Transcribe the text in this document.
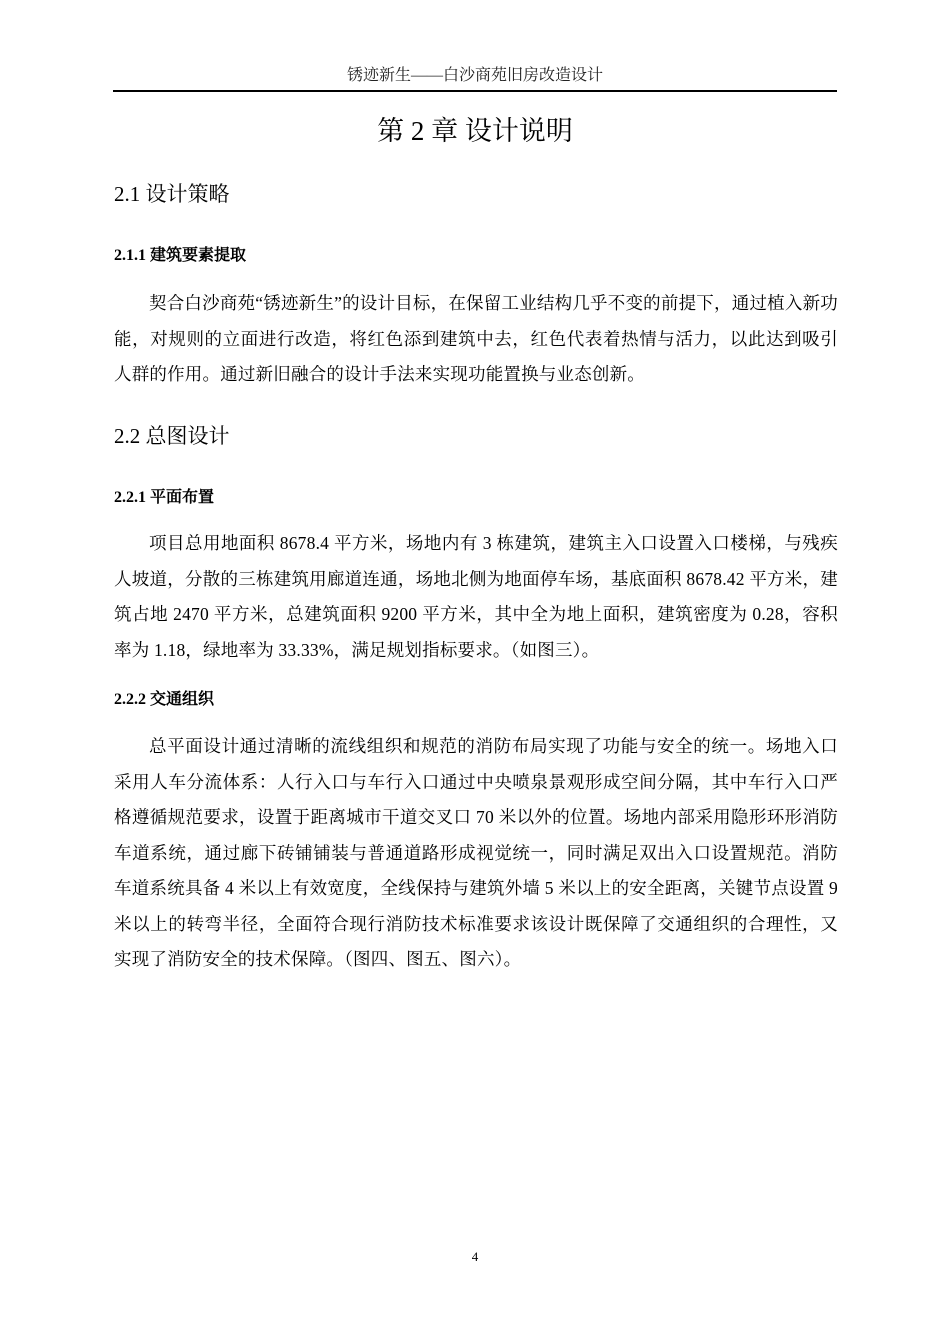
锈迹新生——白沙商苑旧房改造设计
第 2 章 设计说明
2.1 设计策略
2.1.1 建筑要素提取

契合白沙商苑“锈迹新生”的设计目标，在保留工业结构几乎不变的前提下，通过植入新功能，对规则的立面进行改造，将红色添到建筑中去，红色代表着热情与活力，以此达到吸引人群的作用。通过新旧融合的设计手法来实现功能置换与业态创新。

2.2 总图设计
2.2.1 平面布置

项目总用地面积 8678.4 平方米，场地内有 3 栋建筑，建筑主入口设置入口楼梯，与残疾人坡道，分散的三栋建筑用廊道连通，场地北侧为地面停车场，基底面积 8678.42 平方米，建筑占地 2470 平方米，总建筑面积 9200 平方米，其中全为地上面积，建筑密度为 0.28，容积率为 1.18，绿地率为 33.33%，满足规划指标要求。（如图三）。

2.2.2 交通组织

总平面设计通过清晰的流线组织和规范的消防布局实现了功能与安全的统一。场地入口采用人车分流体系：人行入口与车行入口通过中央喷泉景观形成空间分隔，其中车行入口严格遵循规范要求，设置于距离城市干道交叉口 70 米以外的位置。场地内部采用隐形环形消防车道系统，通过廊下砖铺铺装与普通道路形成视觉统一，同时满足双出入口设置规范。消防车道系统具备 4 米以上有效宽度，全线保持与建筑外墙 5 米以上的安全距离，关键节点设置 9 米以上的转弯半径，全面符合现行消防技术标准要求该设计既保障了交通组织的合理性，又实现了消防安全的技术保障。（图四、图五、图六）。

4
